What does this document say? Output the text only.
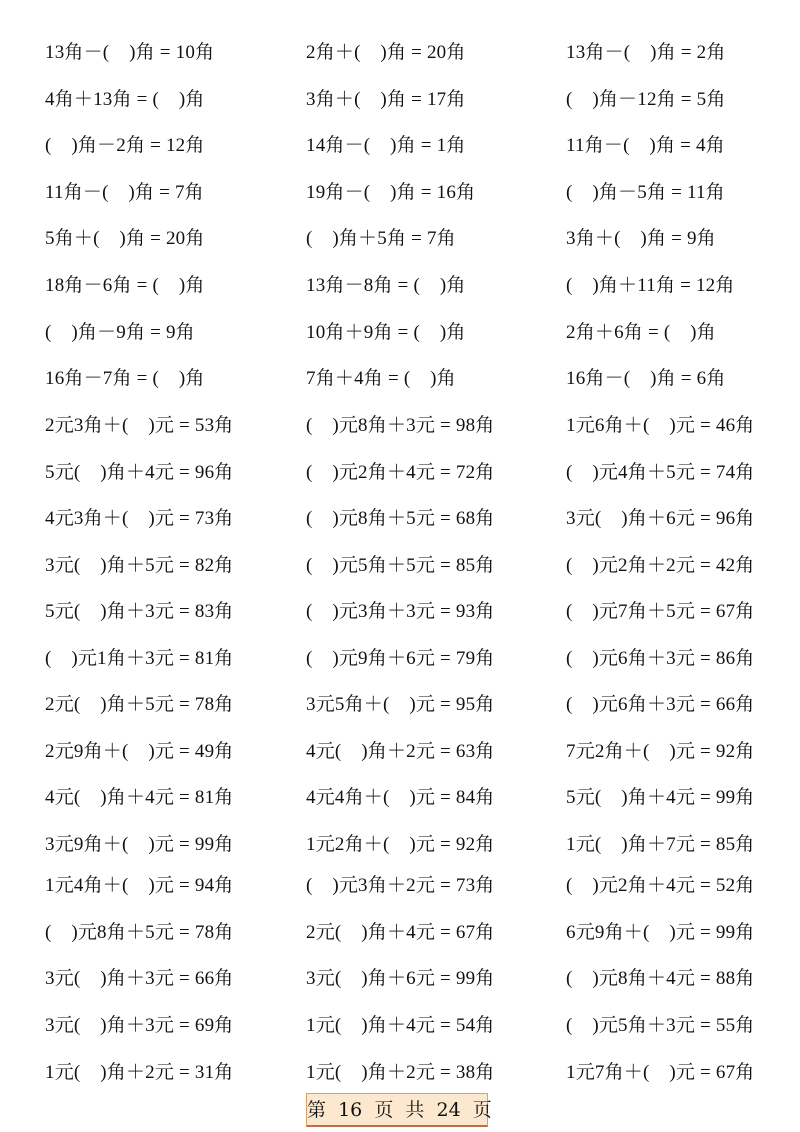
13角－(    )角 = 10角	2角＋(    )角 = 20角	13角－(    )角 = 2角
4角＋13角 = (    )角	3角＋(    )角 = 17角	(    )角－12角 = 5角
(    )角－2角 = 12角	14角－(    )角 = 1角	11角－(    )角 = 4角
11角－(    )角 = 7角	19角－(    )角 = 16角	(    )角－5角 = 11角
5角＋(    )角 = 20角	(    )角＋5角 = 7角	3角＋(    )角 = 9角
18角－6角 = (    )角	13角－8角 = (    )角	(    )角＋11角 = 12角
(    )角－9角 = 9角	10角＋9角 = (    )角	2角＋6角 = (    )角
16角－7角 = (    )角	7角＋4角 = (    )角	16角－(    )角 = 6角
2元3角＋(    )元 = 53角	(    )元8角＋3元 = 98角	1元6角＋(    )元 = 46角
5元(    )角＋4元 = 96角	(    )元2角＋4元 = 72角	(    )元4角＋5元 = 74角
4元3角＋(    )元 = 73角	(    )元8角＋5元 = 68角	3元(    )角＋6元 = 96角
3元(    )角＋5元 = 82角	(    )元5角＋5元 = 85角	(    )元2角＋2元 = 42角
5元(    )角＋3元 = 83角	(    )元3角＋3元 = 93角	(    )元7角＋5元 = 67角
(    )元1角＋3元 = 81角	(    )元9角＋6元 = 79角	(    )元6角＋3元 = 86角
2元(    )角＋5元 = 78角	3元5角＋(    )元 = 95角	(    )元6角＋3元 = 66角
2元9角＋(    )元 = 49角	4元(    )角＋2元 = 63角	7元2角＋(    )元 = 92角
4元(    )角＋4元 = 81角	4元4角＋(    )元 = 84角	5元(    )角＋4元 = 99角
3元9角＋(    )元 = 99角	1元2角＋(    )元 = 92角	1元(    )角＋7元 = 85角
1元4角＋(    )元 = 94角	(    )元3角＋2元 = 73角	(    )元2角＋4元 = 52角
(    )元8角＋5元 = 78角	2元(    )角＋4元 = 67角	6元9角＋(    )元 = 99角
3元(    )角＋3元 = 66角	3元(    )角＋6元 = 99角	(    )元8角＋4元 = 88角
3元(    )角＋3元 = 69角	1元(    )角＋4元 = 54角	(    )元5角＋3元 = 55角
1元(    )角＋2元 = 31角	1元(    )角＋2元 = 38角	1元7角＋(    )元 = 67角
第  16  页  共  24  页
